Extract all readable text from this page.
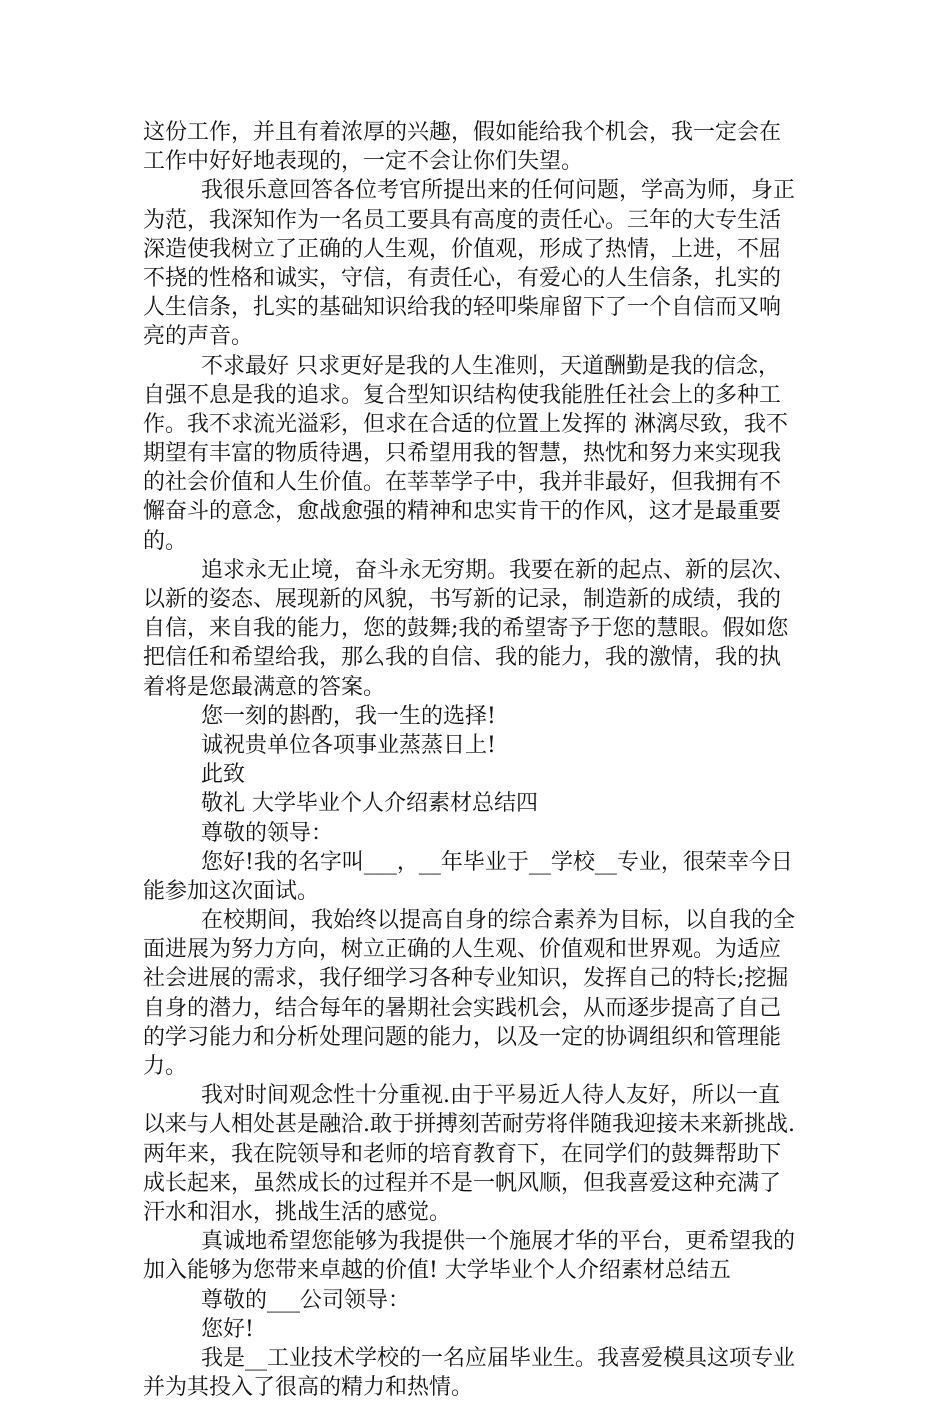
这份工作，并且有着浓厚的兴趣，假如能给我个机会，我一定会在
工作中好好地表现的，一定不会让你们失望。
我很乐意回答各位考官所提出来的任何问题，学高为师，身正
为范，我深知作为一名员工要具有高度的责任心。三年的大专生活
深造使我树立了正确的人生观，价值观，形成了热情，上进，不屈
不挠的性格和诚实，守信，有责任心，有爱心的人生信条，扎实的
人生信条，扎实的基础知识给我的轻叩柴扉留下了一个自信而又响
亮的声音。
不求最好 只求更好是我的人生准则，天道酬勤是我的信念，
自强不息是我的追求。复合型知识结构使我能胜任社会上的多种工
作。我不求流光溢彩，但求在合适的位置上发挥的 淋漓尽致，我不
期望有丰富的物质待遇，只希望用我的智慧，热忱和努力来实现我
的社会价值和人生价值。在莘莘学子中，我并非最好，但我拥有不
懈奋斗的意念，愈战愈强的精神和忠实肯干的作风，这才是最重要
的。
追求永无止境，奋斗永无穷期。我要在新的起点、新的层次、
以新的姿态、展现新的风貌，书写新的记录，制造新的成绩，我的
自信，来自我的能力，您的鼓舞;我的希望寄予于您的慧眼。假如您
把信任和希望给我，那么我的自信、我的能力，我的激情，我的执
着将是您最满意的答案。
您一刻的斟酌，我一生的选择!
诚祝贵单位各项事业蒸蒸日上!
此致
敬礼 大学毕业个人介绍素材总结四
尊敬的领导：
您好!我的名字叫___，__年毕业于__学校__专业，很荣幸今日
能参加这次面试。
在校期间，我始终以提高自身的综合素养为目标，以自我的全
面进展为努力方向，树立正确的人生观、价值观和世界观。为适应
社会进展的需求，我仔细学习各种专业知识，发挥自己的特长;挖掘
自身的潜力，结合每年的暑期社会实践机会，从而逐步提高了自己
的学习能力和分析处理问题的能力，以及一定的协调组织和管理能
力。
我对时间观念性十分重视.由于平易近人待人友好，所以一直
以来与人相处甚是融洽.敢于拼搏刻苦耐劳将伴随我迎接未来新挑战.
两年来，我在院领导和老师的培育教育下，在同学们的鼓舞帮助下
成长起来，虽然成长的过程并不是一帆风顺，但我喜爱这种充满了
汗水和泪水，挑战生活的感觉。
真诚地希望您能够为我提供一个施展才华的平台，更希望我的
加入能够为您带来卓越的价值! 大学毕业个人介绍素材总结五
尊敬的___公司领导：
您好!
我是__工业技术学校的一名应届毕业生。我喜爱模具这项专业
并为其投入了很高的精力和热情。
